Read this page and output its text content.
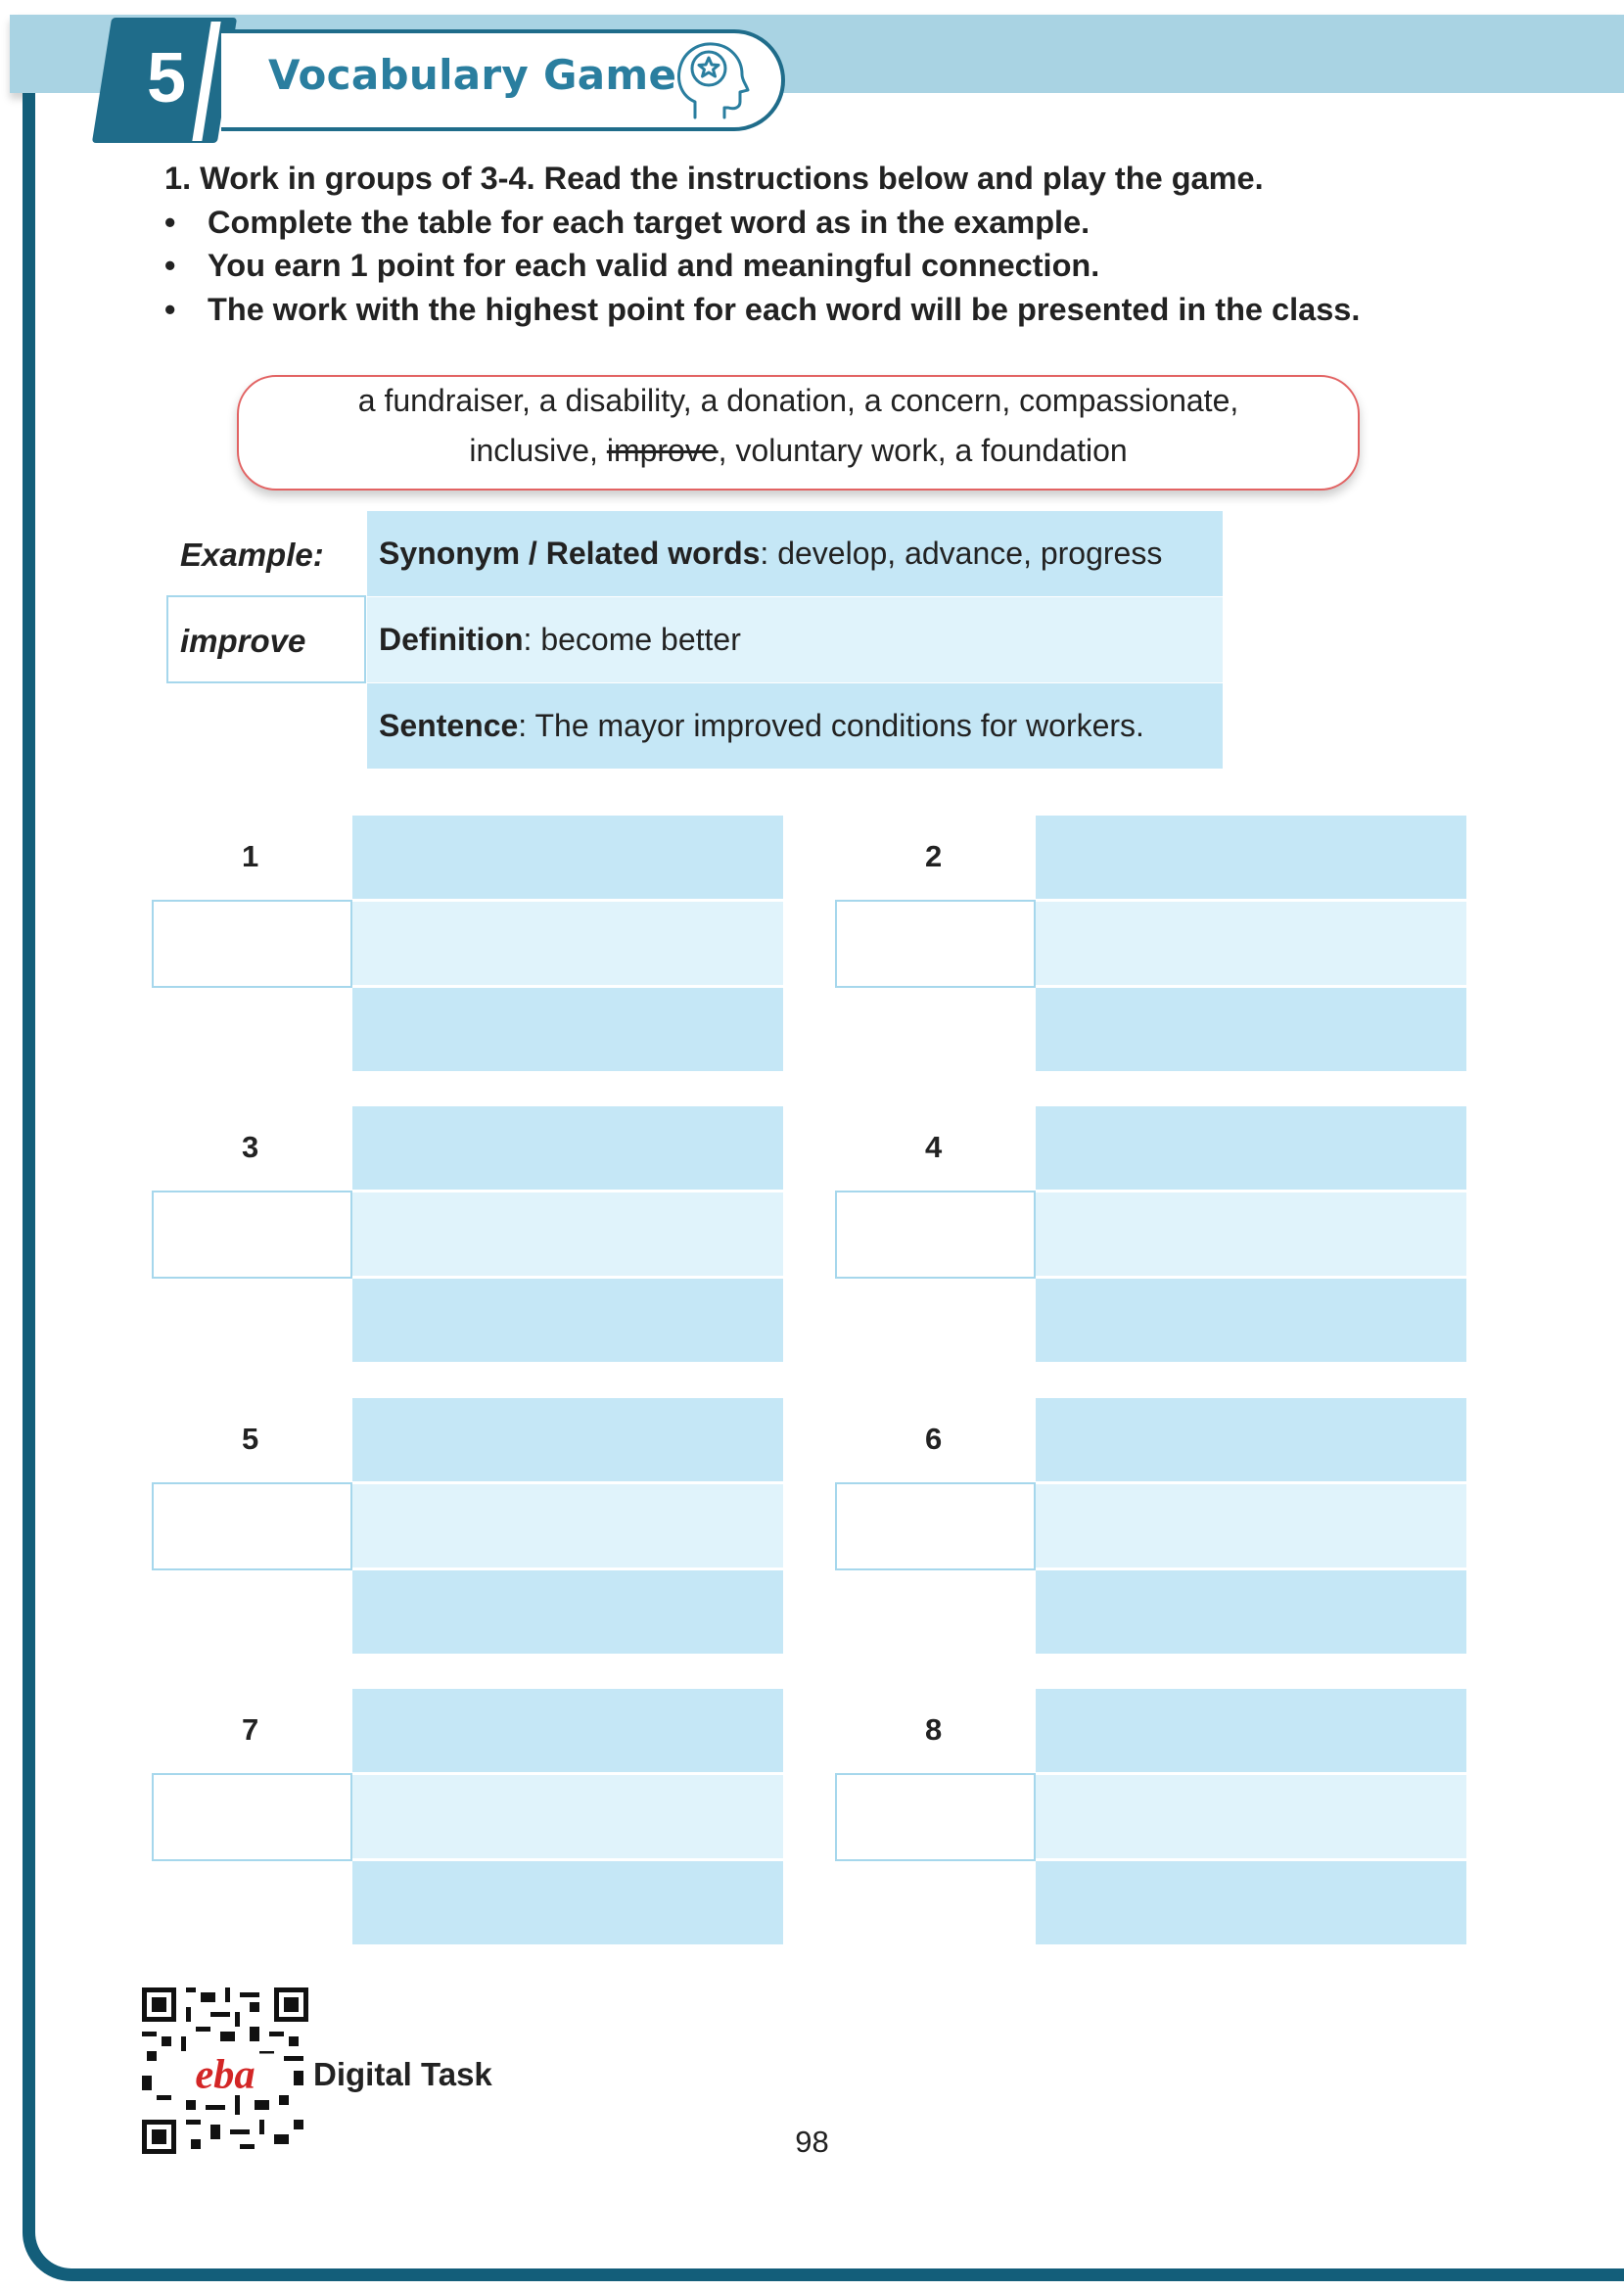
5	Vocabulary Game
1. Work in groups of 3-4. Read the instructions below and play the game.
•	Complete the table for each target word as in the example.
•	You earn 1 point for each valid and meaningful connection.
•	The work with the highest point for each word will be presented in the class.
a fundraiser, a disability, a donation, a concern, compassionate,
inclusive, improve, voluntary work, a foundation
Example:
improve
Synonym / Related words : develop, advance, progress
Definition : become better
Sentence : The mayor improved conditions for workers.
1	2
3	4
5	6
7	8
eba Digital Task
98
